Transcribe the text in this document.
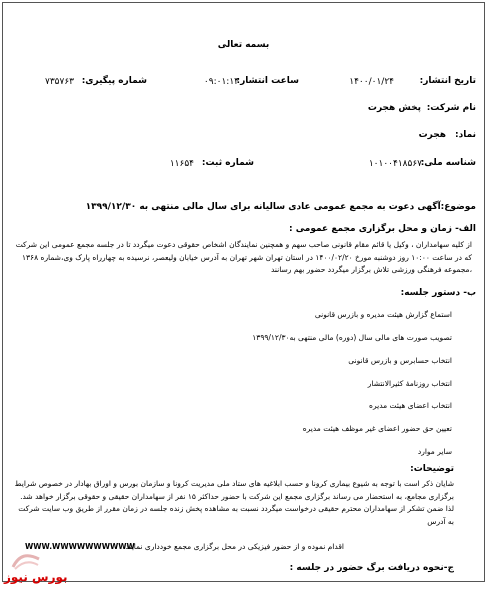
بسمه تعالی
تاریخ انتشار:
۱۴۰۰/۰۱/۲۴
ساعت انتشار:
۰۹:۰۱:۱۴
شماره پیگیری:
۷۳۵۷۶۳
نام شرکت:
پخش هجرت
نماد:
هجرت
شناسه ملی:
۱۰۱۰۰۴۱۸۵۶۷
شماره ثبت:
۱۱۶۵۴
موضوع:آگهی دعوت به مجمع عمومی عادی سالیانه برای سال مالی منتهی به ۱۳۹۹/۱۲/۳۰
الف- زمان و محل برگزاری مجمع عمومی :
از کلیه سهامداران ، وکیل یا قائم مقام قانونی صاحب سهم و همچنین نمایندگان اشخاص حقوقی دعوت میگردد تا در جلسه مجمع عمومی این شرکت که در ساعت ۱۰:۰۰ روز دوشنبه مورخ ۱۴۰۰/۰۲/۲۰ در استان تهران شهر تهران به آدرس خیابان ولیعصر، نرسیده به چهارراه پارک وی،شماره ۱۳۶۸ ،مجموعه فرهنگی ورزشی تلاش برگزار میگردد حضور بهم رسانند
ب- دستور جلسه:
استماع گزارش هیئت مدیره و بازرس قانونی
تصویب صورت های مالی سال (دوره) مالی منتهی به۱۳۹۹/۱۲/۳۰
انتخاب حسابرس و بازرس قانونی
انتخاب روزنامهٔ کثیرالانتشار
انتخاب اعضای هیئت مدیره
تعیین حق حضور اعضای غیر موظف هیئت مدیره
سایر موارد
توضیحات:
شایان ذکر است با توجه به شیوع بیماری کرونا و حسب ابلاغیه های ستاد ملی مدیریت کرونا و سازمان بورس و اوراق بهادار در خصوص شرایط برگزاری مجامع، به استحضار می رساند برگزاری مجمع این شرکت با حضور حداکثر ۱۵ نفر از سهامداران حقیقی و حقوقی برگزار خواهد شد. لذا ضمن تشکر از سهامداران محترم حقیقی درخواست میگردد نسبت به مشاهده پخش زنده جلسه در زمان مقرر از طریق وب سایت شرکت به آدرس
WWW.WWWWWWWWWW
اقدام نموده و از حضور فیزیکی در محل برگزاری مجمع خودداری نمایند.
ج-نحوه دریافت برگ حضور در جلسه :
بورس نیوز
